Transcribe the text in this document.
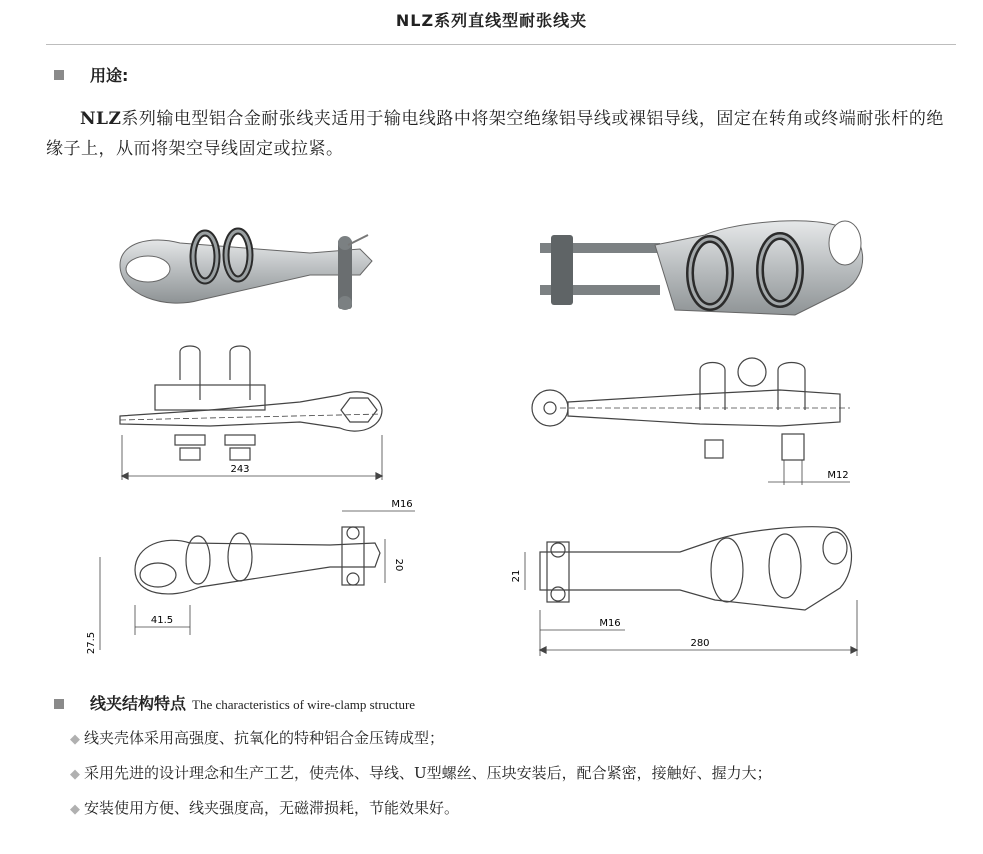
NLZ系列直线型耐张线夹
用途:
NLZ系列输电型铝合金耐张线夹适用于输电线路中将架空绝缘铝导线或裸铝导线，固定在转角或终端耐张杆的绝缘子上，从而将架空导线固定或拉紧。
243
M12
M16
20
41.5
27.5
21
M16
280
线夹结构特点 The characteristics of wire-clamp structure
◆ 线夹壳体采用高强度、抗氧化的特种铝合金压铸成型；
◆ 采用先进的设计理念和生产工艺，使壳体、导线、U型螺丝、压块安装后，配合紧密，接触好、握力大；
◆ 安装使用方便、线夹强度高，无磁滞损耗，节能效果好。
